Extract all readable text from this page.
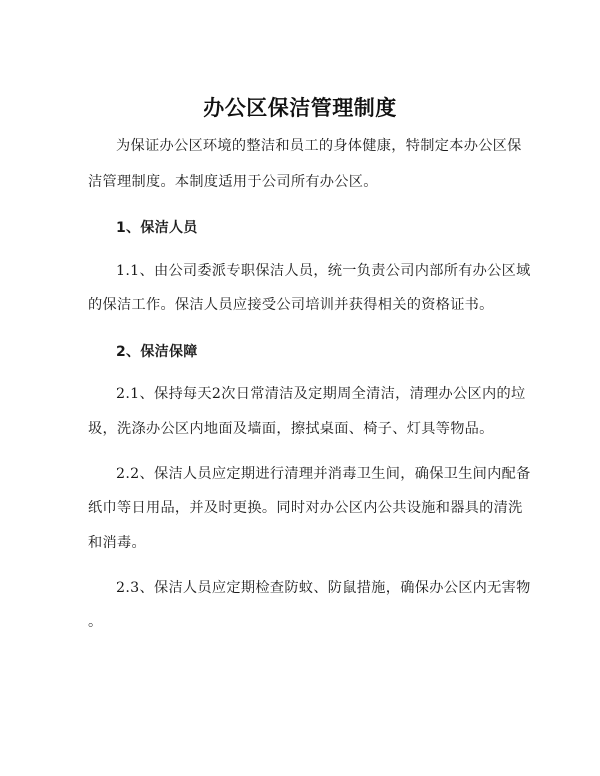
办公区保洁管理制度
为保证办公区环境的整洁和员工的身体健康，特制定本办公区保
洁管理制度。本制度适用于公司所有办公区。
1、保洁人员
1.1、由公司委派专职保洁人员，统一负责公司内部所有办公区域
的保洁工作。保洁人员应接受公司培训并获得相关的资格证书。
2、保洁保障
2.1、保持每天2次日常清洁及定期周全清洁，清理办公区内的垃
圾，洗涤办公区内地面及墙面，擦拭桌面、椅子、灯具等物品。
2.2、保洁人员应定期进行清理并消毒卫生间，确保卫生间内配备
纸巾等日用品，并及时更换。同时对办公区内公共设施和器具的清洗
和消毒。
2.3、保洁人员应定期检查防蚊、防鼠措施，确保办公区内无害物
。
